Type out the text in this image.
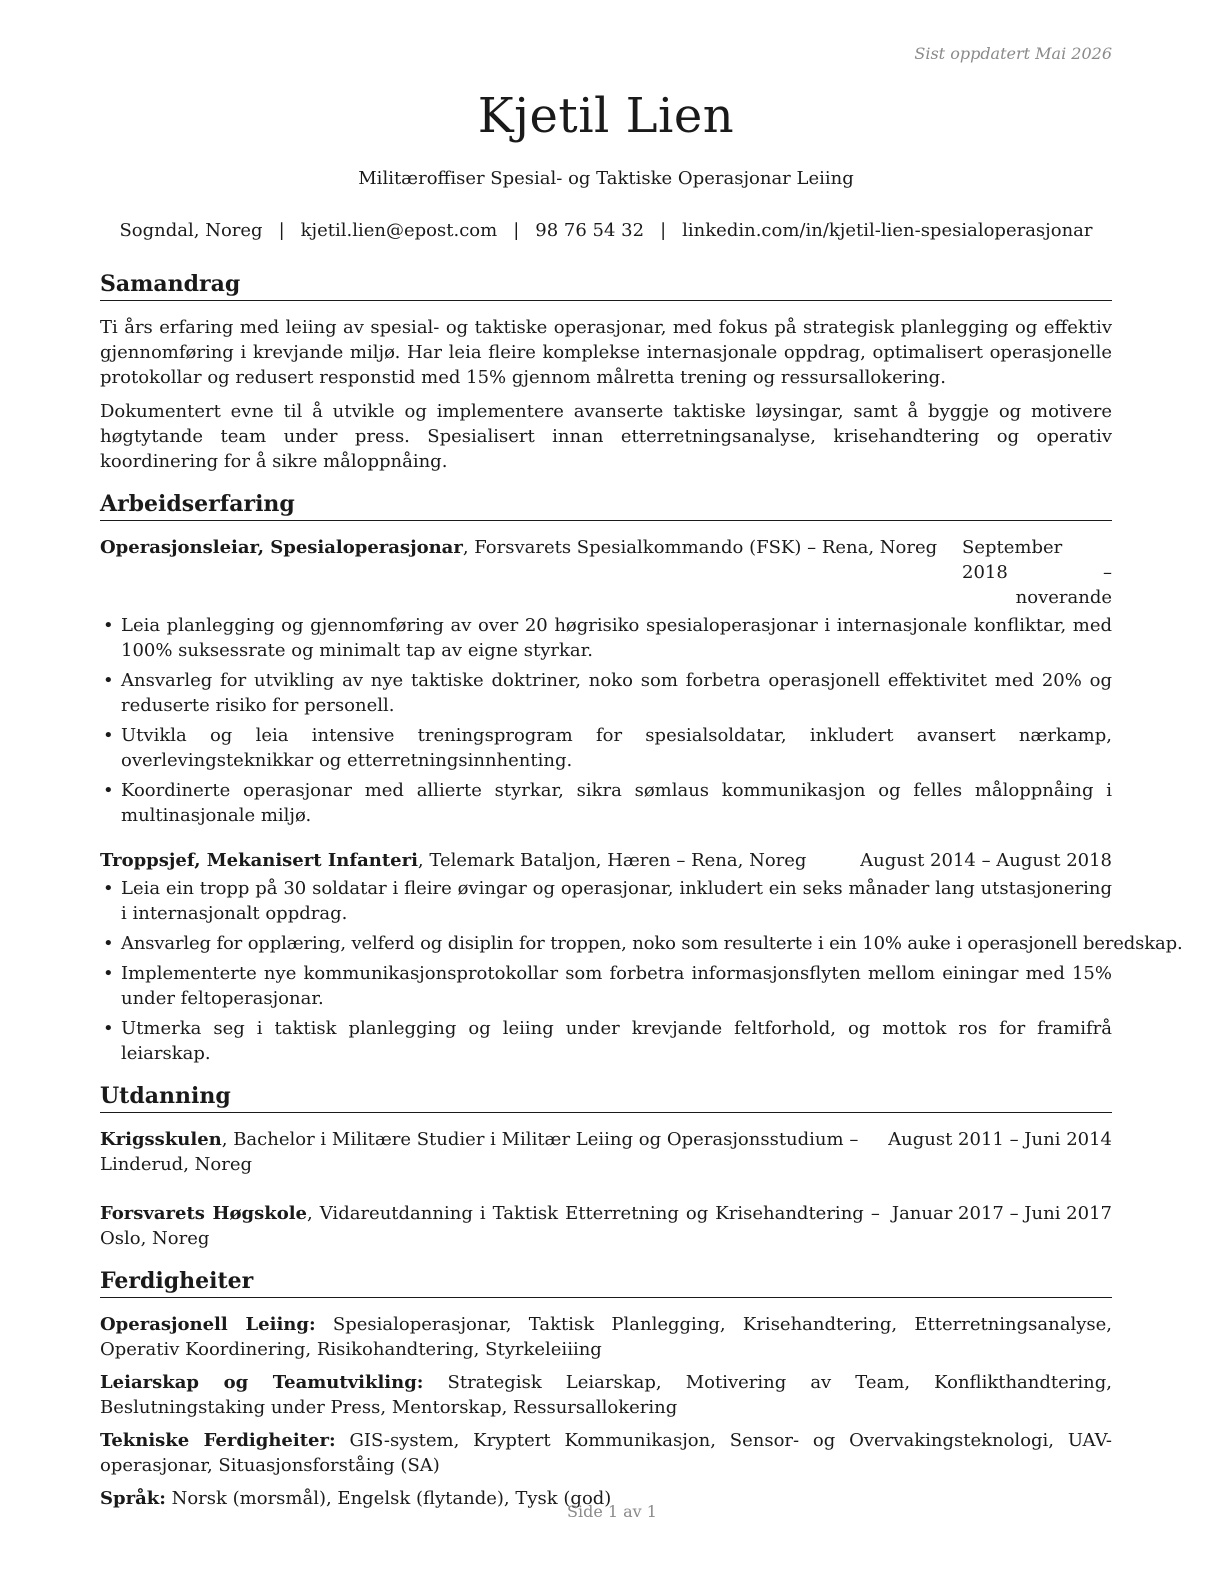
Sist oppdatert Mai 2026
Kjetil Lien
Militæroffiser Spesial- og Taktiske Operasjonar Leiing
Sogndal, Noreg | kjetil.lien@epost.com | 98 76 54 32 | linkedin.com/in/kjetil-lien-spesialoperasjonar
Samandrag

Ti års erfaring med leiing av spesial- og taktiske operasjonar, med fokus på strategisk planlegging og effektiv gjennomføring i krevjande miljø. Har leia fleire komplekse internasjonale oppdrag, optimalisert operasjonelle protokollar og redusert responstid med 15% gjennom målretta trening og ressursallokering.

Dokumentert evne til å utvikle og implementere avanserte taktiske løysingar, samt å byggje og motivere høgtytande team under press. Spesialisert innan etterretningsanalyse, krisehandtering og operativ koordinering for å sikre måloppnåing.

Arbeidserfaring
Operasjonsleiar, Spesialoperasjonar, Forsvarets Spesialkommando (FSK) – Rena, Noreg	September 2018 – noverande
• Leia planlegging og gjennomføring av over 20 høgrisiko spesialoperasjonar i internasjonale konfliktar, med 100% suksessrate og minimalt tap av eigne styrkar.
• Ansvarleg for utvikling av nye taktiske doktriner, noko som forbetra operasjonell effektivitet med 20% og reduserte risiko for personell.
• Utvikla og leia intensive treningsprogram for spesialsoldatar, inkludert avansert nærkamp, overlevingsteknikkar og etterretningsinnhenting.
• Koordinerte operasjonar med allierte styrkar, sikra sømlaus kommunikasjon og felles måloppnåing i multinasjonale miljø.
Troppsjef, Mekanisert Infanteri, Telemark Bataljon, Hæren – Rena, Noreg	August 2014 – August 2018
• Leia ein tropp på 30 soldatar i fleire øvingar og operasjonar, inkludert ein seks månader lang utstasjonering i internasjonalt oppdrag.
• Ansvarleg for opplæring, velferd og disiplin for troppen, noko som resulterte i ein 10% auke i operasjonell beredskap.
• Implementerte nye kommunikasjonsprotokollar som forbetra informasjonsflyten mellom einingar med 15% under feltoperasjonar.
• Utmerka seg i taktisk planlegging og leiing under krevjande feltforhold, og mottok ros for framifrå leiarskap.
Utdanning
Krigsskulen, Bachelor i Militære Studier i Militær Leiing og Operasjonsstudium – Linderud, Noreg
August 2011 – Juni 2014
Forsvarets Høgskole, Vidareutdanning i Taktisk Etterretning og Krisehandtering – Oslo, Noreg
Januar 2017 – Juni 2017
Ferdigheiter

Operasjonell Leiing: Spesialoperasjonar, Taktisk Planlegging, Krisehandtering, Etterretningsanalyse, Operativ Koordinering, Risikohandtering, Styrkeleiiing

Leiarskap og Teamutvikling: Strategisk Leiarskap, Motivering av Team, Konflikthandtering, Beslutningstaking under Press, Mentorskap, Ressursallokering

Tekniske Ferdigheiter: GIS-system, Kryptert Kommunikasjon, Sensor- og Overvakingsteknologi, UAV-operasjonar, Situasjonsforståing (SA)

Språk: Norsk (morsmål), Engelsk (flytande), Tysk (god)

Side 1 av 1
